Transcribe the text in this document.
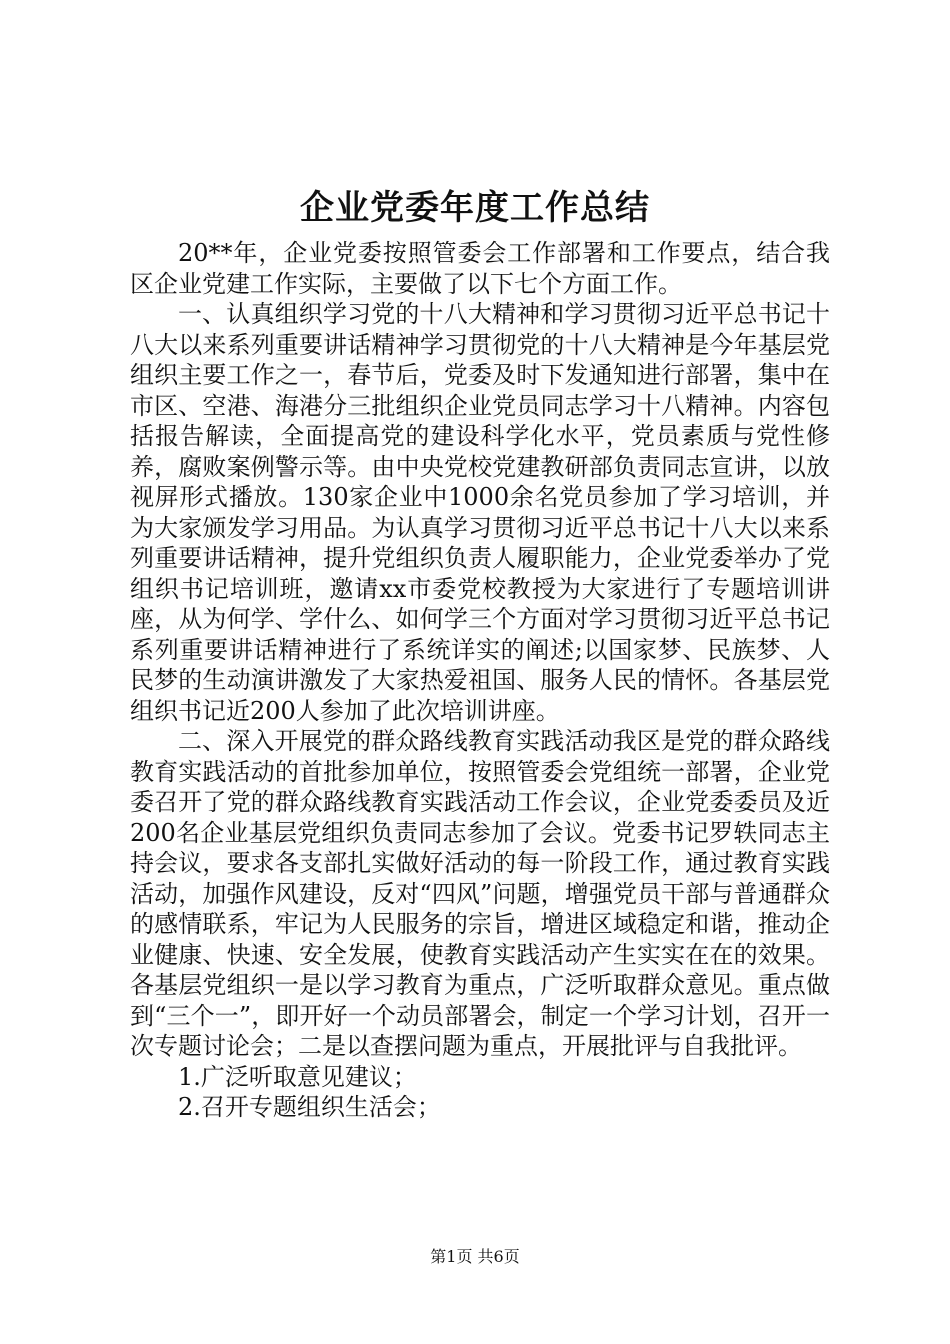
企业党委年度工作总结

20**年，企业党委按照管委会工作部署和工作要点，结合我区企业党建工作实际，主要做了以下七个方面工作。

一、认真组织学习党的十八大精神和学习贯彻习近平总书记十八大以来系列重要讲话精神学习贯彻党的十八大精神是今年基层党组织主要工作之一，春节后，党委及时下发通知进行部署，集中在市区、空港、海港分三批组织企业党员同志学习十八精神。内容包括报告解读，全面提高党的建设科学化水平，党员素质与党性修养，腐败案例警示等。由中央党校党建教研部负责同志宣讲，以放视屏形式播放。130家企业中1000余名党员参加了学习培训，并为大家颁发学习用品。为认真学习贯彻习近平总书记十八大以来系列重要讲话精神，提升党组织负责人履职能力，企业党委举办了党组织书记培训班，邀请xx市委党校教授为大家进行了专题培训讲座，从为何学、学什么、如何学三个方面对学习贯彻习近平总书记系列重要讲话精神进行了系统详实的阐述;以国家梦、民族梦、人民梦的生动演讲激发了大家热爱祖国、服务人民的情怀。各基层党组织书记近200人参加了此次培训讲座。

二、深入开展党的群众路线教育实践活动我区是党的群众路线教育实践活动的首批参加单位，按照管委会党组统一部署，企业党委召开了党的群众路线教育实践活动工作会议，企业党委委员及近200名企业基层党组织负责同志参加了会议。党委书记罗轶同志主持会议，要求各支部扎实做好活动的每一阶段工作，通过教育实践活动，加强作风建设，反对“四风”问题，增强党员干部与普通群众的感情联系，牢记为人民服务的宗旨，增进区域稳定和谐，推动企业健康、快速、安全发展，使教育实践活动产生实实在在的效果。各基层党组织一是以学习教育为重点，广泛听取群众意见。重点做到“三个一”，即开好一个动员部署会，制定一个学习计划，召开一次专题讨论会；二是以查摆问题为重点，开展批评与自我批评。

1.广泛听取意见建议；

2.召开专题组织生活会；

第1页 共6页
